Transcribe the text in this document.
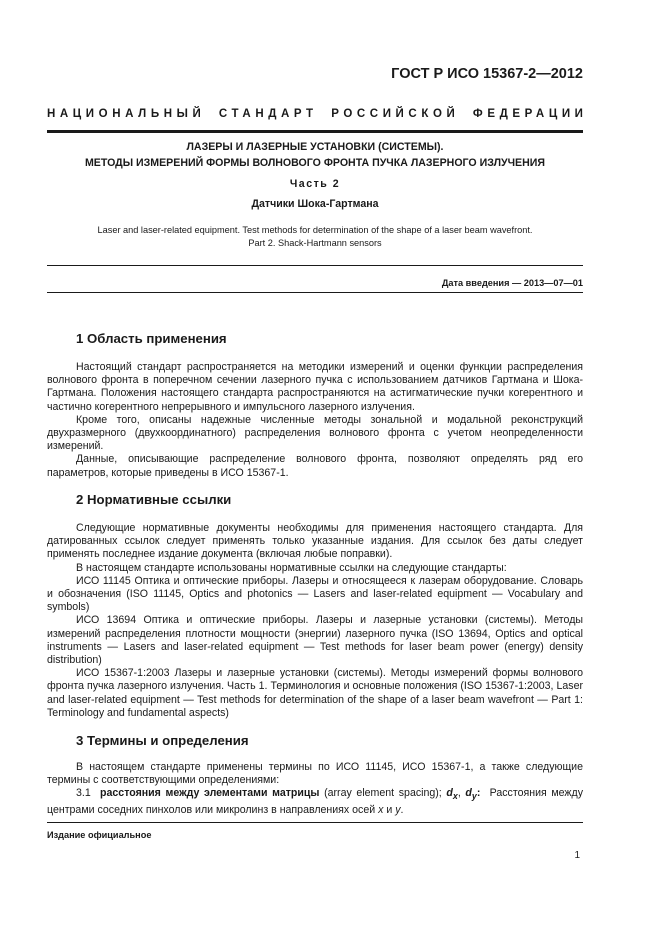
ГОСТ Р ИСО 15367-2—2012
НАЦИОНАЛЬНЫЙ СТАНДАРТ РОССИЙСКОЙ ФЕДЕРАЦИИ
ЛАЗЕРЫ И ЛАЗЕРНЫЕ УСТАНОВКИ (СИСТЕМЫ).
МЕТОДЫ ИЗМЕРЕНИЙ ФОРМЫ ВОЛНОВОГО ФРОНТА ПУЧКА ЛАЗЕРНОГО ИЗЛУЧЕНИЯ
Часть 2
Датчики Шока-Гартмана
Laser and laser-related equipment. Test methods for determination of the shape of a laser beam wavefront.
Part 2. Shack-Hartmann sensors
Дата введения — 2013—07—01
1 Область применения

Настоящий стандарт распространяется на методики измерений и оценки функции распределения волнового фронта в поперечном сечении лазерного пучка с использованием датчиков Гартмана и Шока-Гартмана. Положения настоящего стандарта распространяются на астигматические пучки когерентного и частично когерентного непрерывного и импульсного лазерного излучения.

Кроме того, описаны надежные численные методы зональной и модальной реконструкций двухразмерного (двухкоординатного) распределения волнового фронта с учетом неопределенности измерений.

Данные, описывающие распределение волнового фронта, позволяют определять ряд его параметров, которые приведены в ИСО 15367-1.

2 Нормативные ссылки

Следующие нормативные документы необходимы для применения настоящего стандарта. Для датированных ссылок следует применять только указанные издания. Для ссылок без даты следует применять последнее издание документа (включая любые поправки).

В настоящем стандарте использованы нормативные ссылки на следующие стандарты:

ИСО 11145 Оптика и оптические приборы. Лазеры и относящееся к лазерам оборудование. Словарь и обозначения (ISO 11145, Optics and photonics — Lasers and laser-related equipment — Vocabulary and symbols)

ИСО 13694 Оптика и оптические приборы. Лазеры и лазерные установки (системы). Методы измерений распределения плотности мощности (энергии) лазерного пучка (ISO 13694, Optics and optical instruments — Lasers and laser-related equipment — Test methods for laser beam power (energy) density distribution)

ИСО 15367-1:2003 Лазеры и лазерные установки (системы). Методы измерений формы волнового фронта пучка лазерного излучения. Часть 1. Терминология и основные положения (ISO 15367-1:2003, Laser and laser-related equipment — Test methods for determination of the shape of a laser beam wavefront — Part 1: Terminology and fundamental aspects)

3 Термины и определения

В настоящем стандарте применены термины по ИСО 11145, ИСО 15367-1, а также следующие термины с соответствующими определениями:

3.1 расстояния между элементами матрицы (array element spacing); $d_x$, $d_y$: Расстояния между центрами соседних пинхолов или микролинз в направлениях осей x и y.

Издание официальное
1
